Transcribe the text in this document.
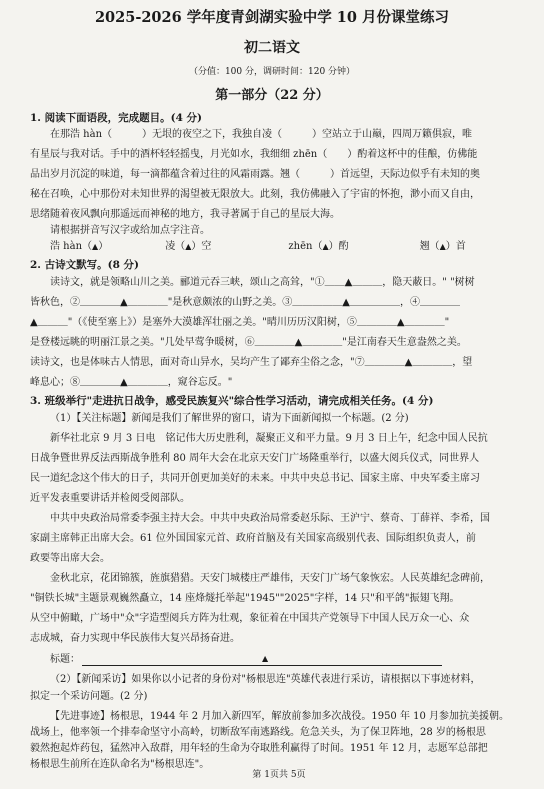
2025-2026 学年度青剑湖实验中学 10 月份课堂练习
初二语文
（分值：100 分，调研时间：120 分钟）
第一部分（22 分）
1. 阅读下面语段，完成题目。(4 分)
在那浩 hàn（　　　）无垠的夜空之下，我独自凌（　　　）空站立于山巅，四周万籁俱寂，唯
有星辰与我对话。手中的酒杯轻轻摇曳，月光如水，我细细 zhēn（　　）酌着这杯中的佳酿，仿佛能
品出岁月沉淀的味道，每一滴都蕴含着过往的风霜雨露。翘（　　　）首远望，天际边似乎有未知的奥
秘在召唤，心中那份对未知世界的渴望被无限放大。此刻，我仿佛融入了宇宙的怀抱，渺小而又自由，
思绪随着夜风飘向那遥远而神秘的地方，我寻著属于自己的星辰大海。
请根据拼音写汉字或给加点字注音。
浩 hàn（▲）	凌（▲）空	zhēn（▲）酌	翘（▲）首
2. 古诗文默写。(8 分)
读诗文，就是领略山川之美。郦道元吞三峡，颂山之高耸，"①＿＿▲＿＿＿，隐天蔽日。" "树树
皆秋色，②＿＿＿＿▲＿＿＿＿"是秋意颇浓的山野之美。③＿＿＿＿＿▲＿＿＿＿＿，④＿＿＿＿
▲＿＿＿"（《使至塞上》）是塞外大漠雄浑壮丽之美。"晴川历历汉阳树，⑤＿＿＿＿▲＿＿＿＿"
是登楼远眺的明丽江景之美。"几处早莺争暖树，⑥＿＿＿＿▲＿＿＿＿"是江南春天生意盎然之美。
读诗文，也是体味古人情思，面对奇山异水，吴均产生了鄙弃尘俗之念，"⑦＿＿＿＿▲＿＿＿＿，望
峰息心；⑧＿＿＿＿▲＿＿＿＿，窥谷忘反。"
3. 班级举行"走进抗日战争，感受民族复兴"综合性学习活动，请完成相关任务。(4 分)
（1）【关注标题】新闻是我们了解世界的窗口，请为下面新闻拟一个标题。(2 分)
新华社北京 9 月 3 日电　铭记伟大历史胜利，凝聚正义和平力量。9 月 3 日上午，纪念中国人民抗
日战争暨世界反法西斯战争胜利 80 周年大会在北京天安门广场隆重举行，以盛大阅兵仪式，同世界人
民一道纪念这个伟大的日子，共同开创更加美好的未来。中共中央总书记、国家主席、中央军委主席习
近平发表重要讲话并检阅受阅部队。
中共中央政治局常委李强主持大会。中共中央政治局常委赵乐际、王沪宁、蔡奇、丁薛祥、李希，国
家副主席韩正出席大会。61 位外国国家元首、政府首脑及有关国家高级别代表、国际组织负责人，前
政要等出席大会。
金秋北京，花团锦簇，旌旗猎猎。天安门城楼庄严雄伟，天安门广场气象恢宏。人民英雄纪念碑前，
"铜铁长城"主题景观巍然矗立，14 座烽燧托举起"1945""2025"字样，14 只"和平鸽"振翅飞翔。
从空中俯瞰，广场中"众"字造型阅兵方阵为壮观，象征着在中国共产党领导下中国人民万众一心、众
志成城，奋力实现中华民族伟大复兴昂扬奋进。
标题：	▲
（2）【新闻采访】如果你以小记者的身份对"杨根思连"英雄代表进行采访，请根据以下事迹材料，
拟定一个采访问题。(2 分)
【先进事迹】杨根思，1944 年 2 月加入新四军，解放前参加多次战役。1950 年 10 月参加抗美援朝。
战场上，他率领一个排奉命坚守小高岭，切断敌军南逃路线。危急关头，为了保卫阵地，28 岁的杨根思
毅然抱起炸药包，猛然冲入敌群，用年轻的生命为夺取胜利赢得了时间。1951 年 12 月，志愿军总部把
杨根思生前所在连队命名为"杨根思连"。
第 1页共 5页
